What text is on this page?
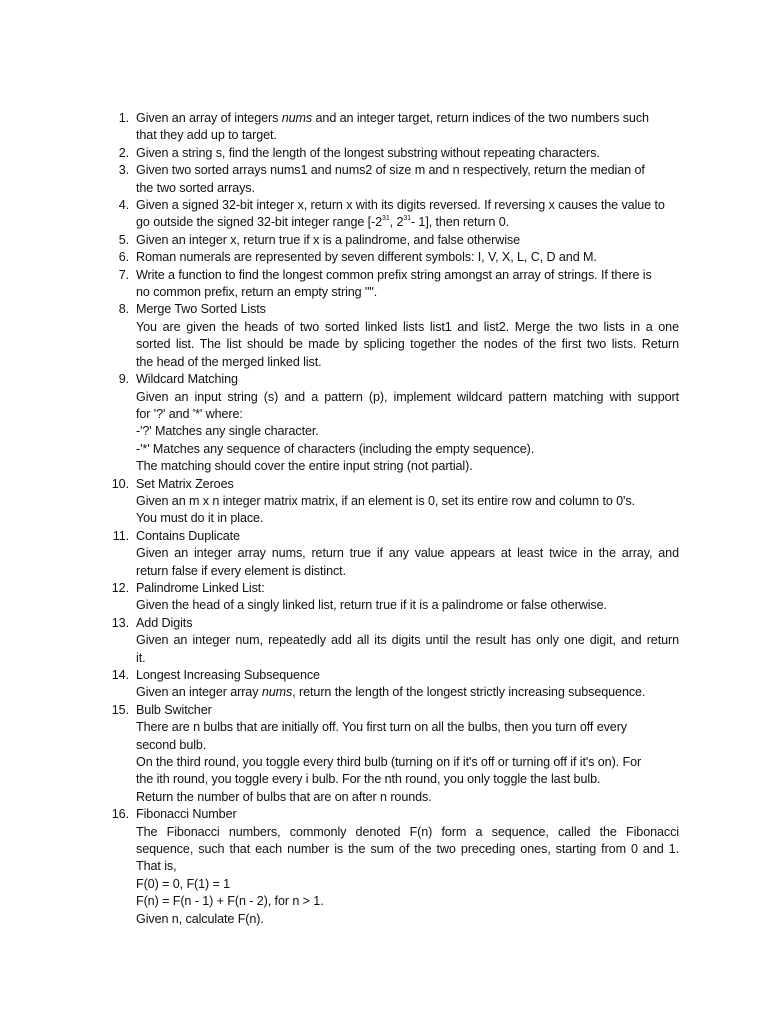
1. Given an array of integers nums and an integer target, return indices of the two numbers such
that they add up to target.
2. Given a string s, find the length of the longest substring without repeating characters.
3. Given two sorted arrays nums1 and nums2 of size m and n respectively, return the median of
the two sorted arrays.
4. Given a signed 32-bit integer x, return x with its digits reversed. If reversing x causes the value to
go outside the signed 32-bit integer range [$-2^{31}$, $2^{31}-$ 1], then return 0.
5. Given an integer x, return true if x is a palindrome, and false otherwise
6. Roman numerals are represented by seven different symbols: I, V, X, L, C, D and M.
7. Write a function to find the longest common prefix string amongst an array of strings. If there is
no common prefix, return an empty string "".
8. Merge Two Sorted Lists
You are given the heads of two sorted linked lists list1 and list2. Merge the two lists in a one
sorted list. The list should be made by splicing together the nodes of the first two lists. Return
the head of the merged linked list.
9. Wildcard Matching
Given an input string (s) and a pattern (p), implement wildcard pattern matching with support
for '?' and '*' where:
-'?' Matches any single character.
-'*' Matches any sequence of characters (including the empty sequence).
The matching should cover the entire input string (not partial).
10. Set Matrix Zeroes
Given an m x n integer matrix matrix, if an element is 0, set its entire row and column to 0's.
You must do it in place.
11. Contains Duplicate
Given an integer array nums, return true if any value appears at least twice in the array, and
return false if every element is distinct.
12. Palindrome Linked List:
Given the head of a singly linked list, return true if it is a palindrome or false otherwise.
13. Add Digits
Given an integer num, repeatedly add all its digits until the result has only one digit, and return
it.
14. Longest Increasing Subsequence
Given an integer array nums, return the length of the longest strictly increasing subsequence.
15. Bulb Switcher
There are n bulbs that are initially off. You first turn on all the bulbs, then you turn off every
second bulb.
On the third round, you toggle every third bulb (turning on if it's off or turning off if it's on). For
the ith round, you toggle every i bulb. For the nth round, you only toggle the last bulb.
Return the number of bulbs that are on after n rounds.
16. Fibonacci Number
The Fibonacci numbers, commonly denoted F(n) form a sequence, called the Fibonacci
sequence, such that each number is the sum of the two preceding ones, starting from 0 and 1.
That is,
F(0) = 0, F(1) = 1
F(n) = F(n - 1) + F(n - 2), for n > 1.
Given n, calculate F(n).
